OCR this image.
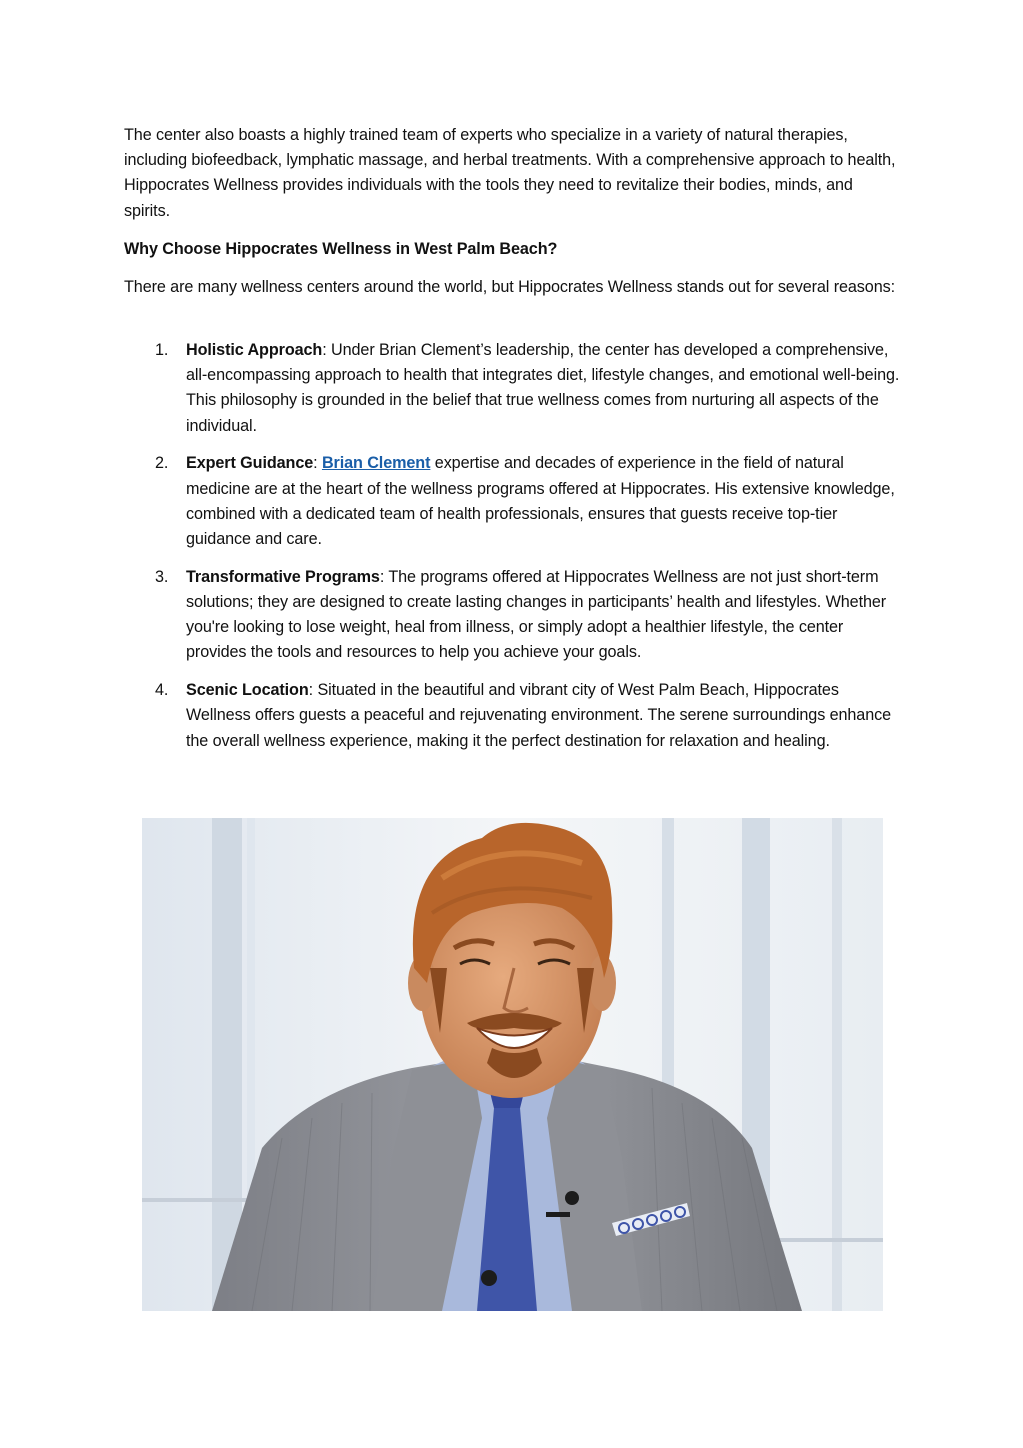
The center also boasts a highly trained team of experts who specialize in a variety of natural therapies, including biofeedback, lymphatic massage, and herbal treatments. With a comprehensive approach to health, Hippocrates Wellness provides individuals with the tools they need to revitalize their bodies, minds, and spirits.
Why Choose Hippocrates Wellness in West Palm Beach?
There are many wellness centers around the world, but Hippocrates Wellness stands out for several reasons:
1. Holistic Approach: Under Brian Clement’s leadership, the center has developed a comprehensive, all-encompassing approach to health that integrates diet, lifestyle changes, and emotional well-being. This philosophy is grounded in the belief that true wellness comes from nurturing all aspects of the individual.
2. Expert Guidance: Brian Clement expertise and decades of experience in the field of natural medicine are at the heart of the wellness programs offered at Hippocrates. His extensive knowledge, combined with a dedicated team of health professionals, ensures that guests receive top-tier guidance and care.
3. Transformative Programs: The programs offered at Hippocrates Wellness are not just short-term solutions; they are designed to create lasting changes in participants’ health and lifestyles. Whether you're looking to lose weight, heal from illness, or simply adopt a healthier lifestyle, the center provides the tools and resources to help you achieve your goals.
4. Scenic Location: Situated in the beautiful and vibrant city of West Palm Beach, Hippocrates Wellness offers guests a peaceful and rejuvenating environment. The serene surroundings enhance the overall wellness experience, making it the perfect destination for relaxation and healing.
